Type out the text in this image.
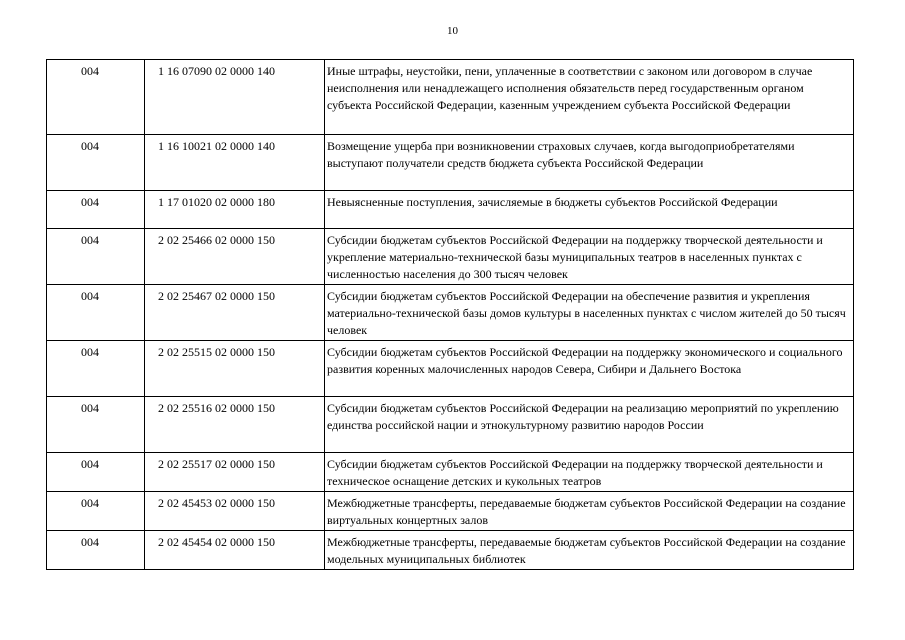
10
004	1 16 07090 02 0000 140	Иные штрафы, неустойки, пени, уплаченные в соответствии с законом или договором в случае неисполнения или ненадлежащего исполнения обязательств перед государственным органом субъекта Российской Федерации, казенным учреждением субъекта Российской Федерации
004	1 16 10021 02 0000 140	Возмещение ущерба при возникновении страховых случаев, когда выгодоприобретателями выступают получатели средств бюджета субъекта Российской Федерации
004	1 17 01020 02 0000 180	Невыясненные поступления, зачисляемые в бюджеты субъектов Российской Федерации
004	2 02 25466 02 0000 150	Субсидии бюджетам субъектов Российской Федерации на поддержку творческой деятельности и укрепление материально-технической базы муниципальных театров в населенных пунктах с численностью населения до 300 тысяч человек
004	2 02 25467 02 0000 150	Субсидии бюджетам субъектов Российской Федерации на обеспечение развития и укрепления материально-технической базы домов культуры в населенных пунктах с числом жителей до 50 тысяч человек
004	2 02 25515 02 0000 150	Субсидии бюджетам субъектов Российской Федерации на поддержку экономического и социального развития коренных малочисленных народов Севера, Сибири и Дальнего Востока
004	2 02 25516 02 0000 150	Субсидии бюджетам субъектов Российской Федерации на реализацию мероприятий по укреплению единства российской нации и этнокультурному развитию народов России
004	2 02 25517 02 0000 150	Субсидии бюджетам субъектов Российской Федерации на поддержку творческой деятельности и техническое оснащение детских и кукольных театров
004	2 02 45453 02 0000 150	Межбюджетные трансферты, передаваемые бюджетам субъектов Российской Федерации на создание виртуальных концертных залов
004	2 02 45454 02 0000 150	Межбюджетные трансферты, передаваемые бюджетам субъектов Российской Федерации на создание модельных муниципальных библиотек
